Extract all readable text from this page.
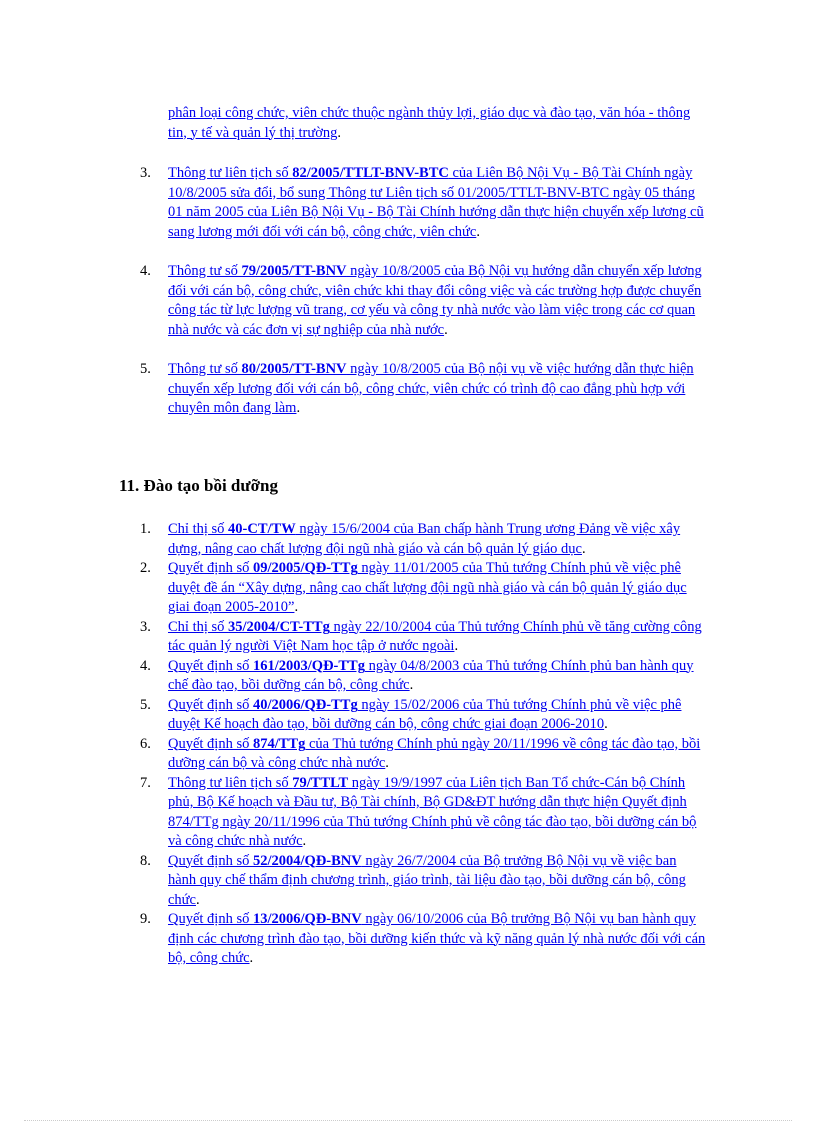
phân loại công chức, viên chức thuộc ngành thủy lợi, giáo dục và đào tạo, văn hóa - thông tin, y tế và quản lý thị trường.

3. Thông tư liên tịch số 82/2005/TTLT-BNV-BTC của Liên Bộ Nội Vụ - Bộ Tài Chính ngày 10/8/2005 sửa đổi, bổ sung Thông tư Liên tịch số 01/2005/TTLT-BNV-BTC ngày 05 tháng 01 năm 2005 của Liên Bộ Nội Vụ - Bộ Tài Chính hướng dẫn thực hiện chuyển xếp lương cũ sang lương mới đối với cán bộ, công chức, viên chức.
4. Thông tư số 79/2005/TT-BNV ngày 10/8/2005 của Bộ Nội vụ hướng dẫn chuyển xếp lương đối với cán bộ, công chức, viên chức khi thay đổi công việc và các trường hợp được chuyển công tác từ lực lượng vũ trang, cơ yếu và công ty nhà nước vào làm việc trong các cơ quan nhà nước và các đơn vị sự nghiệp của nhà nước.
5. Thông tư số 80/2005/TT-BNV ngày 10/8/2005 của Bộ nội vụ về việc hướng dẫn thực hiện chuyển xếp lương đối với cán bộ, công chức, viên chức có trình độ cao đẳng phù hợp với chuyên môn đang làm.
11. Đào tạo bồi dưỡng
1. Chỉ thị số 40-CT/TW ngày 15/6/2004 của Ban chấp hành Trung ương Đảng về việc xây dựng, nâng cao chất lượng đội ngũ nhà giáo và cán bộ quản lý giáo dục.
2. Quyết định số 09/2005/QĐ-TTg ngày 11/01/2005 của Thủ tướng Chính phủ về việc phê duyệt đề án “Xây dựng, nâng cao chất lượng đội ngũ nhà giáo và cán bộ quản lý giáo dục giai đoạn 2005-2010”.
3. Chỉ thị số 35/2004/CT-TTg ngày 22/10/2004 của Thủ tướng Chính phủ về tăng cường công tác quản lý người Việt Nam học tập ở nước ngoài.
4. Quyết định số 161/2003/QĐ-TTg ngày 04/8/2003 của Thủ tướng Chính phủ ban hành quy chế đào tạo, bồi dưỡng cán bộ, công chức.
5. Quyết định số 40/2006/QĐ-TTg ngày 15/02/2006 của Thủ tướng Chính phủ về việc phê duyệt Kế hoạch đào tạo, bồi dưỡng cán bộ, công chức giai đoạn 2006-2010.
6. Quyết định số 874/TTg của Thủ tướng Chính phủ ngày 20/11/1996 về công tác đào tạo, bồi dưỡng cán bộ và công chức nhà nước.
7. Thông tư liên tịch số 79/TTLT ngày 19/9/1997 của Liên tịch Ban Tổ chức-Cán bộ Chính phủ, Bộ Kế hoạch và Đầu tư, Bộ Tài chính, Bộ GD&ĐT hướng dẫn thực hiện Quyết định 874/TTg ngày 20/11/1996 của Thủ tướng Chính phủ về công tác đào tạo, bồi dưỡng cán bộ và công chức nhà nước.
8. Quyết định số 52/2004/QĐ-BNV ngày 26/7/2004 của Bộ trưởng Bộ Nội vụ về việc ban hành quy chế thẩm định chương trình, giáo trình, tài liệu đào tạo, bồi dưỡng cán bộ, công chức.
9. Quyết định số 13/2006/QĐ-BNV ngày 06/10/2006 của Bộ trưởng Bộ Nội vụ ban hành quy định các chương trình đào tạo, bồi dưỡng kiến thức và kỹ năng quản lý nhà nước đối với cán bộ, công chức.
